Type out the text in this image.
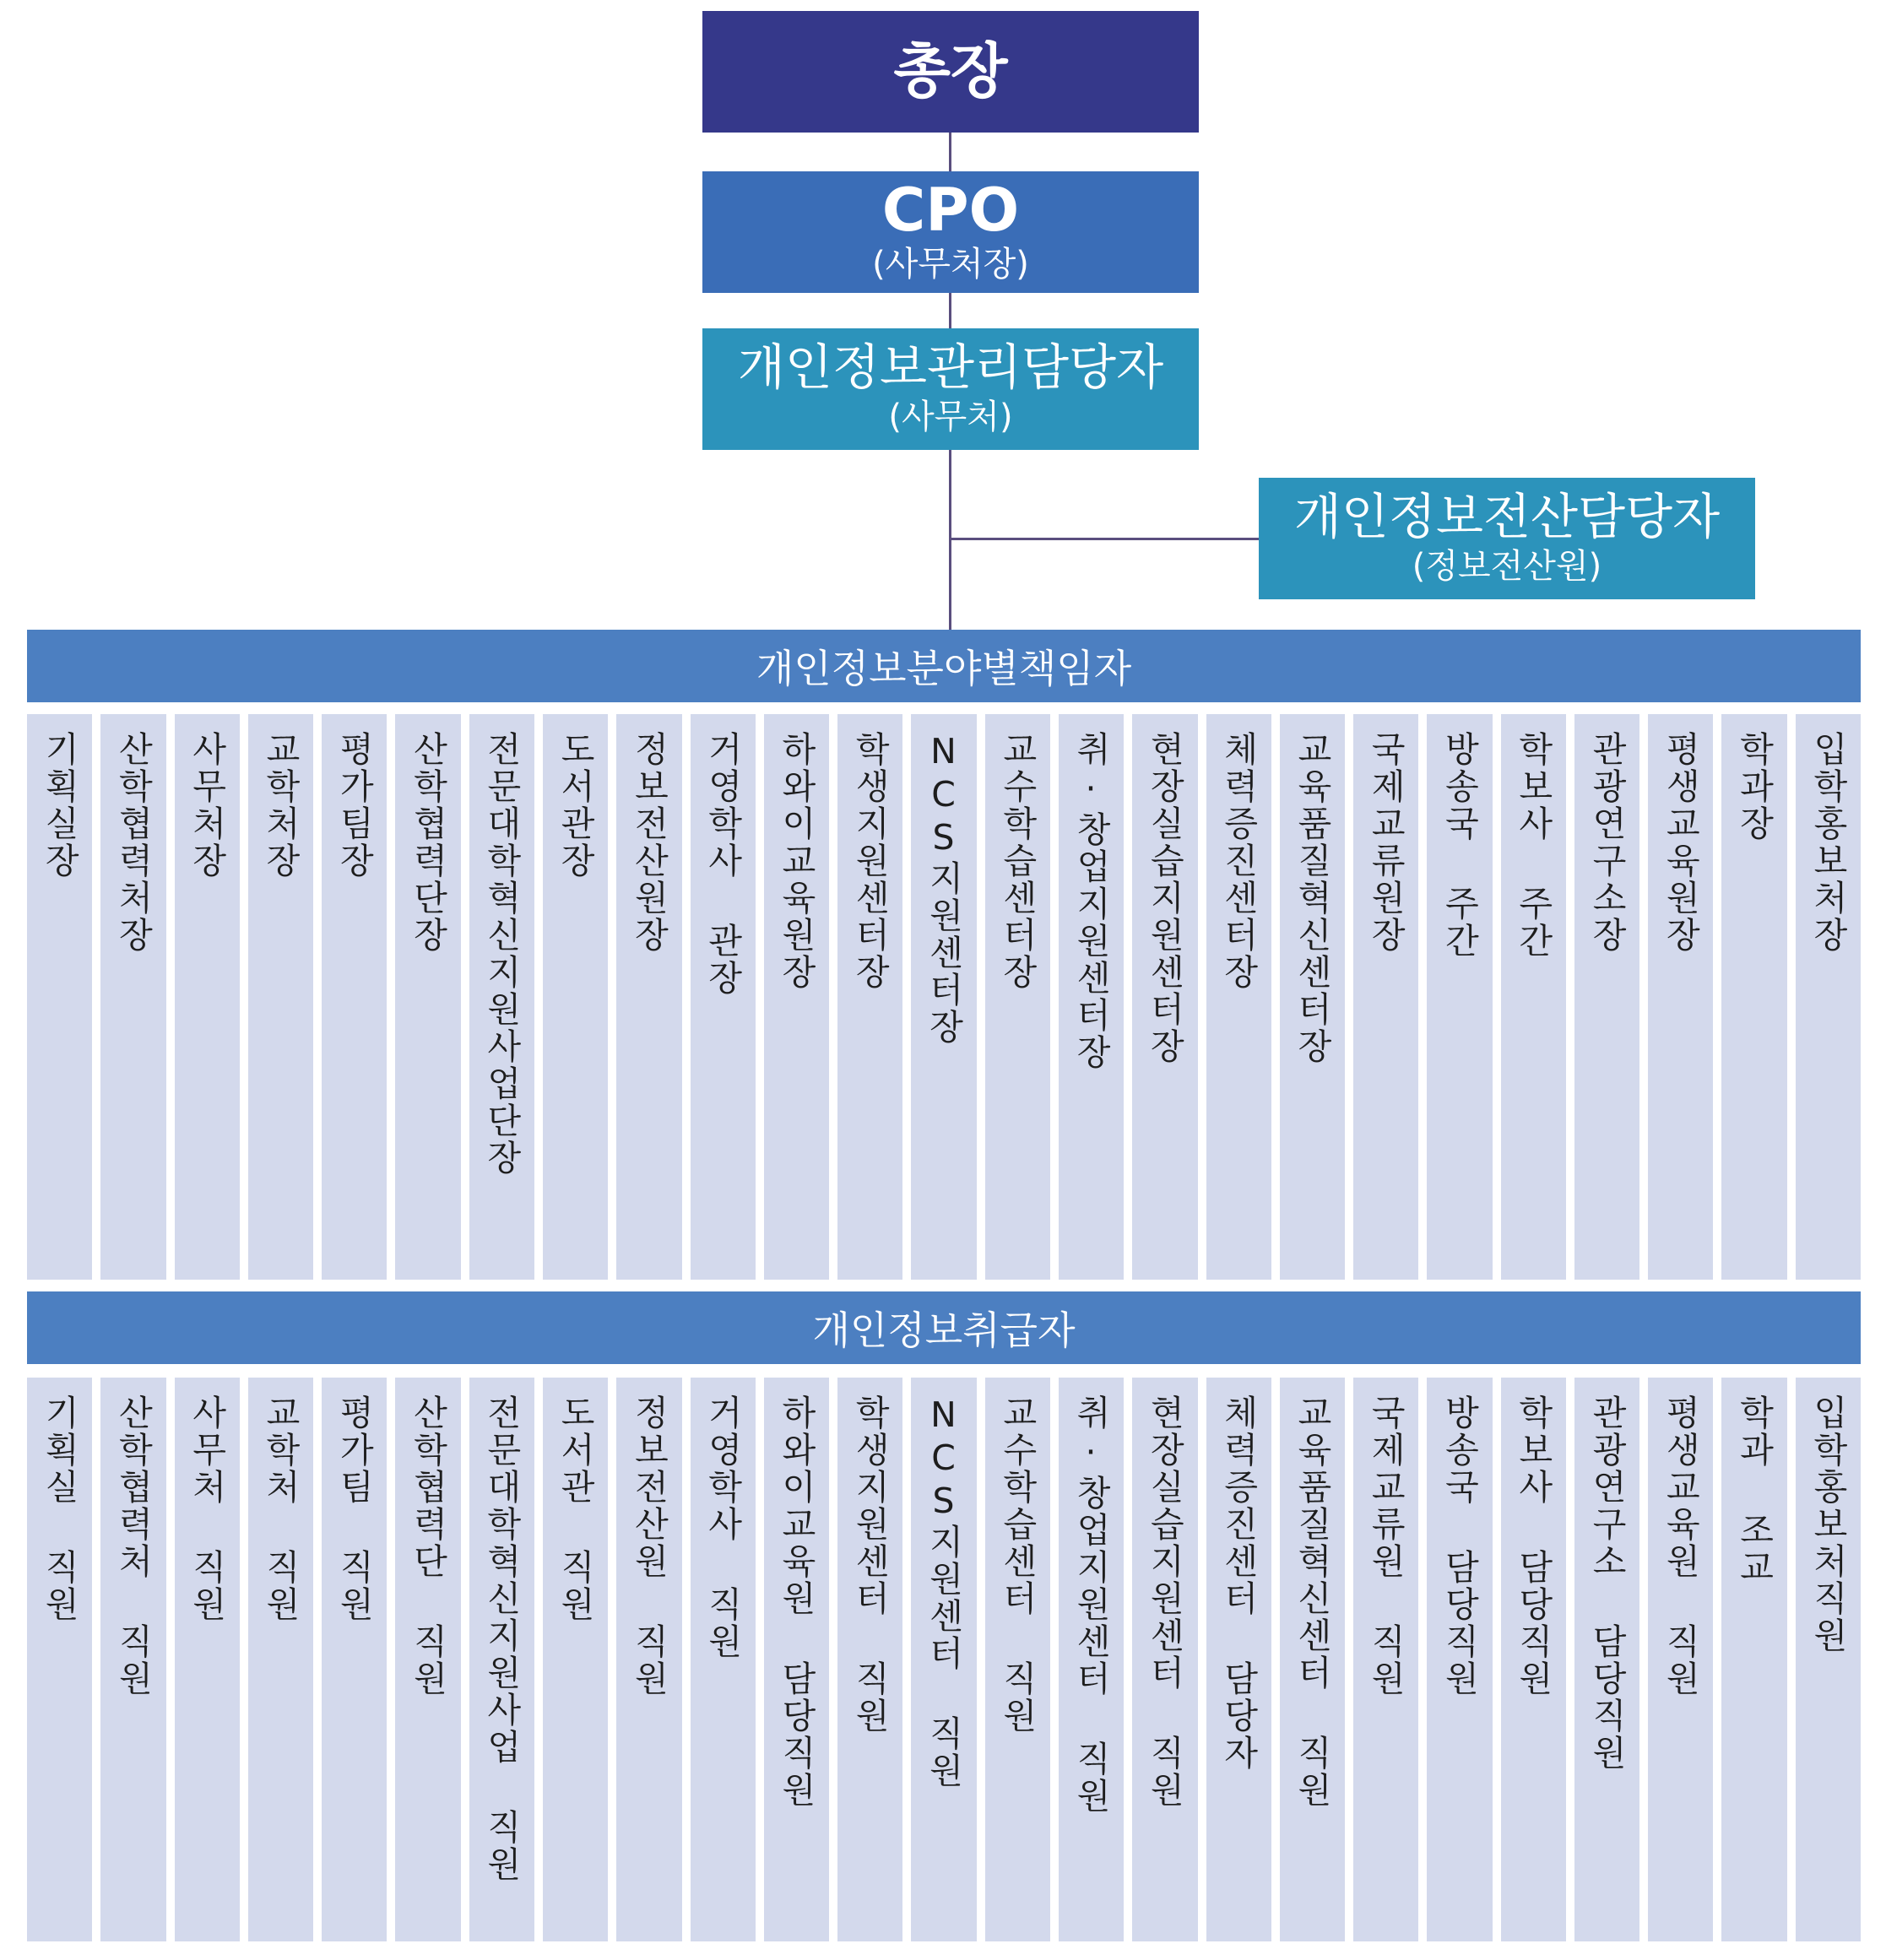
총장
CPO
(사무처장)
개인정보관리담당자
(사무처)
개인정보전산담당자
(정보전산원)
개인정보분야별책임자
기획실장 산학협력처장 사무처장 교학처장 평가팀장 산학협력단장 전문대학혁신지원사업단장 도서관장 정보전산원장 거영학사 관장 하와이교육원장 학생지원센터장 NCS지원센터장 교수학습센터장 취·창업지원센터장 현장실습지원센터장 체력증진센터장 교육품질혁신센터장 국제교류원장 방송국 주간 학보사 주간 관광연구소장 평생교육원장 학과장 입학홍보처장
개인정보취급자
기획실 직원 산학협력처 직원 사무처 직원 교학처 직원 평가팀 직원 산학협력단 직원 전문대학혁신지원사업 직원 도서관 직원 정보전산원 직원 거영학사 직원 하와이교육원 담당직원 학생지원센터 직원 NCS지원센터 직원 교수학습센터 직원 취·창업지원센터 직원 현장실습지원센터 직원 체력증진센터 담당자 교육품질혁신센터 직원 국제교류원 직원 방송국 담당직원 학보사 담당직원 관광연구소 담당직원 평생교육원 직원 학과 조교 입학홍보처직원
